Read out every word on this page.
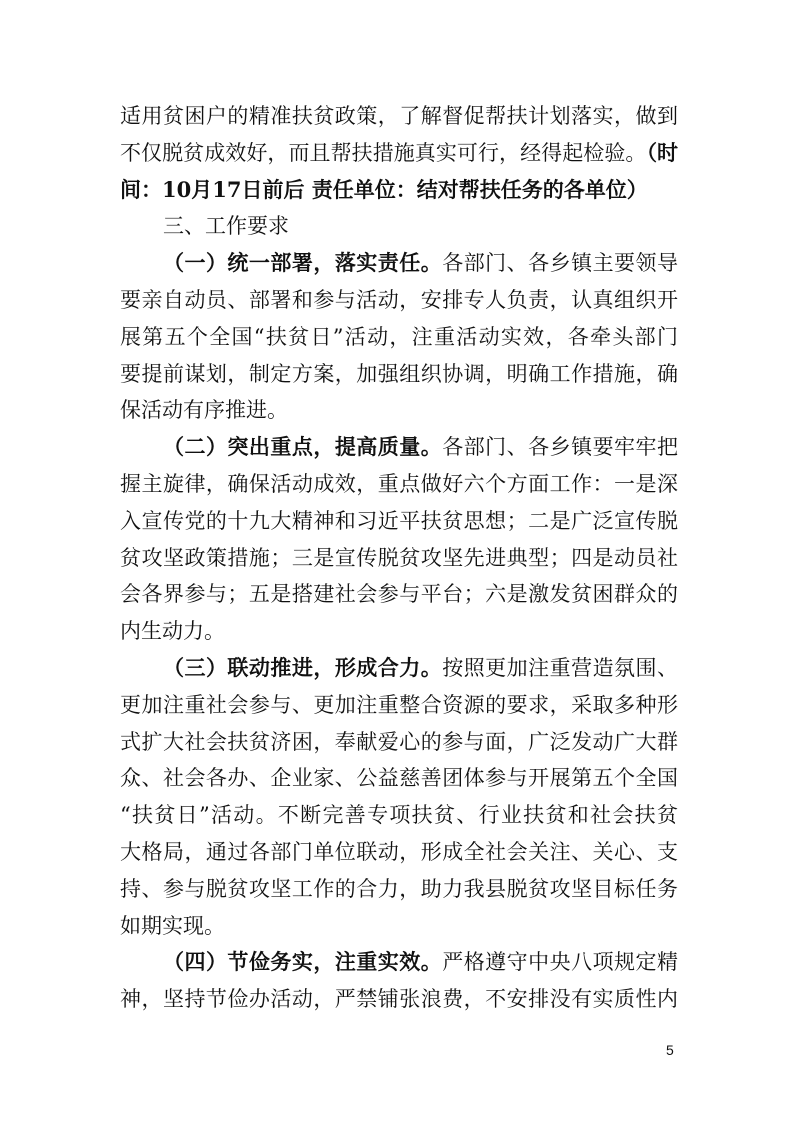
适用贫困户的精准扶贫政策，了解督促帮扶计划落实，做到
不仅脱贫成效好，而且帮扶措施真实可行，经得起检验。（时
间：10月17日前后 责任单位：结对帮扶任务的各单位）
三、工作要求
（一）统一部署，落实责任。各部门、各乡镇主要领导
要亲自动员、部署和参与活动，安排专人负责，认真组织开
展第五个全国“扶贫日”活动，注重活动实效，各牵头部门
要提前谋划，制定方案，加强组织协调，明确工作措施，确
保活动有序推进。
（二）突出重点，提高质量。各部门、各乡镇要牢牢把
握主旋律，确保活动成效，重点做好六个方面工作：一是深
入宣传党的十九大精神和习近平扶贫思想；二是广泛宣传脱
贫攻坚政策措施；三是宣传脱贫攻坚先进典型；四是动员社
会各界参与；五是搭建社会参与平台；六是激发贫困群众的
内生动力。
（三）联动推进，形成合力。按照更加注重营造氛围、
更加注重社会参与、更加注重整合资源的要求，采取多种形
式扩大社会扶贫济困，奉献爱心的参与面，广泛发动广大群
众、社会各办、企业家、公益慈善团体参与开展第五个全国
“扶贫日”活动。不断完善专项扶贫、行业扶贫和社会扶贫
大格局，通过各部门单位联动，形成全社会关注、关心、支
持、参与脱贫攻坚工作的合力，助力我县脱贫攻坚目标任务
如期实现。
（四）节俭务实，注重实效。严格遵守中央八项规定精
神，坚持节俭办活动，严禁铺张浪费，不安排没有实质性内
5
